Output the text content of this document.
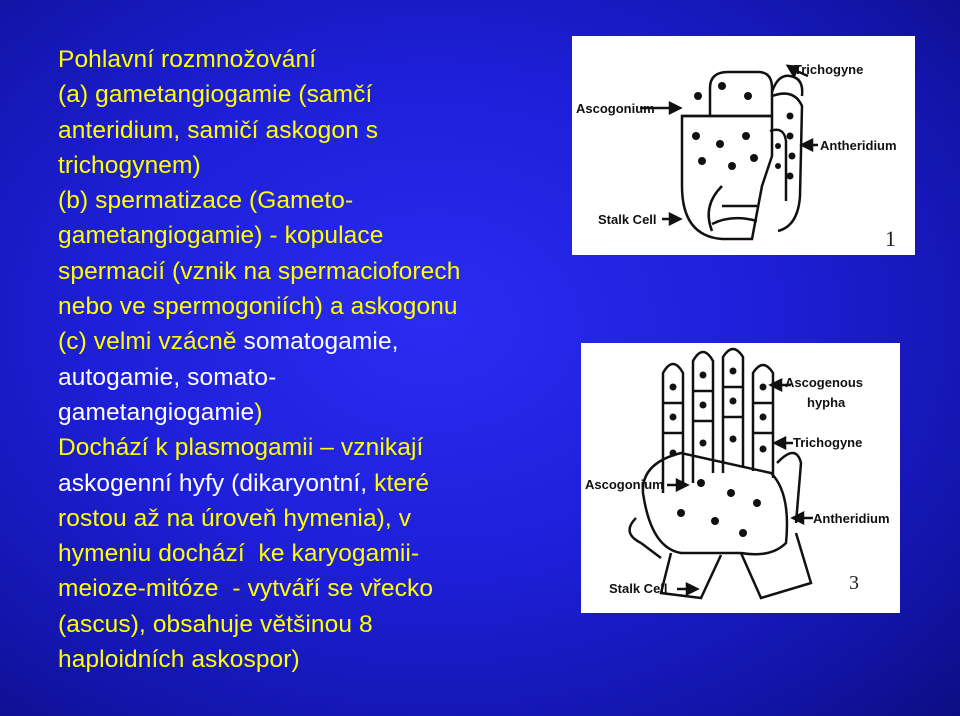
Pohlavní rozmnožování
(a) gametangiogamie (samčí
anteridium, samičí askogon s
trichogynem)
(b) spermatizace (Gameto-
gametangiogamie) - kopulace
spermacií (vznik na spermacioforech
nebo ve spermogoniích) a askogonu
(c) velmi vzácně somatogamie,
autogamie, somato-
gametangiogamie)
Dochází k plasmogamii – vznikají
askogenní hyfy (dikaryontní, které
rostou až na úroveň hymenia), v
hymeniu dochází  ke karyogamii-
meioze-mitóze  - vytváří se vřecko
(ascus), obsahuje většinou 8
haploidních askospor)
Trichogyne
Ascogonium
Antheridium
Stalk Cell
1
Ascogenous
hypha
Trichogyne
Ascogonium
Antheridium
Stalk Cell	3
